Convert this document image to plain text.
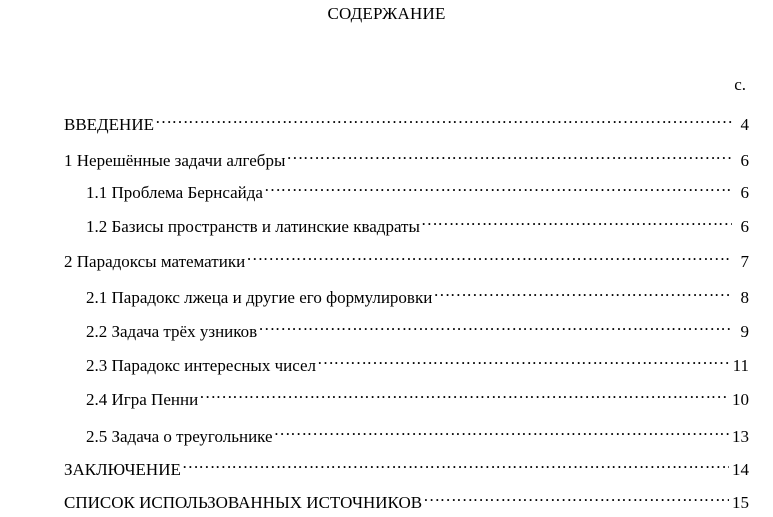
СОДЕРЖАНИЕ
с.
ВВЕДЕНИЕ ……………………………………………………………………………………………………………………………………………………………………………………………………	4
1 Нерешённые задачи алгебры ……………………………………………………………………………………………………………………………………………………………………………………………………	6
1.1 Проблема Бернсайда ……………………………………………………………………………………………………………………………………………………………………………………………………	6
1.2 Базисы пространств и латинские квадраты ……………………………………………………………………………………………………………………………………………………………………………………………………	6
2 Парадоксы математики ……………………………………………………………………………………………………………………………………………………………………………………………………	7
2.1 Парадокс лжеца и другие его формулировки ……………………………………………………………………………………………………………………………………………………………………………………………………	8
2.2 Задача трёх узников ……………………………………………………………………………………………………………………………………………………………………………………………………	9
2.3 Парадокс интересных чисел ……………………………………………………………………………………………………………………………………………………………………………………………………	11
2.4 Игра Пенни ……………………………………………………………………………………………………………………………………………………………………………………………………	10
2.5 Задача о треугольнике ……………………………………………………………………………………………………………………………………………………………………………………………………	13
ЗАКЛЮЧЕНИЕ ……………………………………………………………………………………………………………………………………………………………………………………………………	14
СПИСОК ИСПОЛЬЗОВАННЫХ ИСТОЧНИКОВ ……………………………………………………………………………………………………………………………………………………………………………………………………	15
